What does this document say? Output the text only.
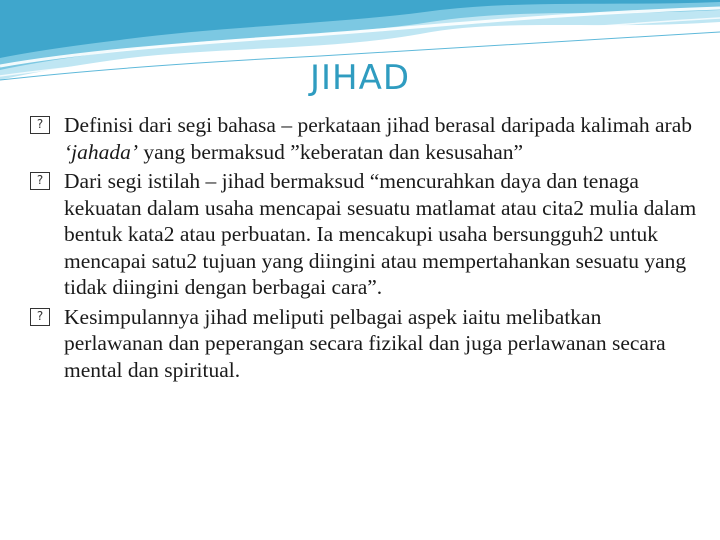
JIHAD
? Definisi dari segi bahasa – perkataan jihad berasal daripada kalimah arab ‘jahada’ yang bermaksud ”keberatan dan kesusahan”
? Dari segi istilah – jihad bermaksud “mencurahkan daya dan tenaga kekuatan dalam usaha mencapai sesuatu matlamat atau cita2 mulia dalam bentuk kata2 atau perbuatan. Ia mencakupi usaha bersungguh2 untuk mencapai satu2 tujuan yang diingini atau mempertahankan sesuatu yang tidak diingini dengan berbagai cara”.
? Kesimpulannya jihad meliputi pelbagai aspek iaitu melibatkan perlawanan dan peperangan secara fizikal dan juga perlawanan secara mental dan spiritual.
